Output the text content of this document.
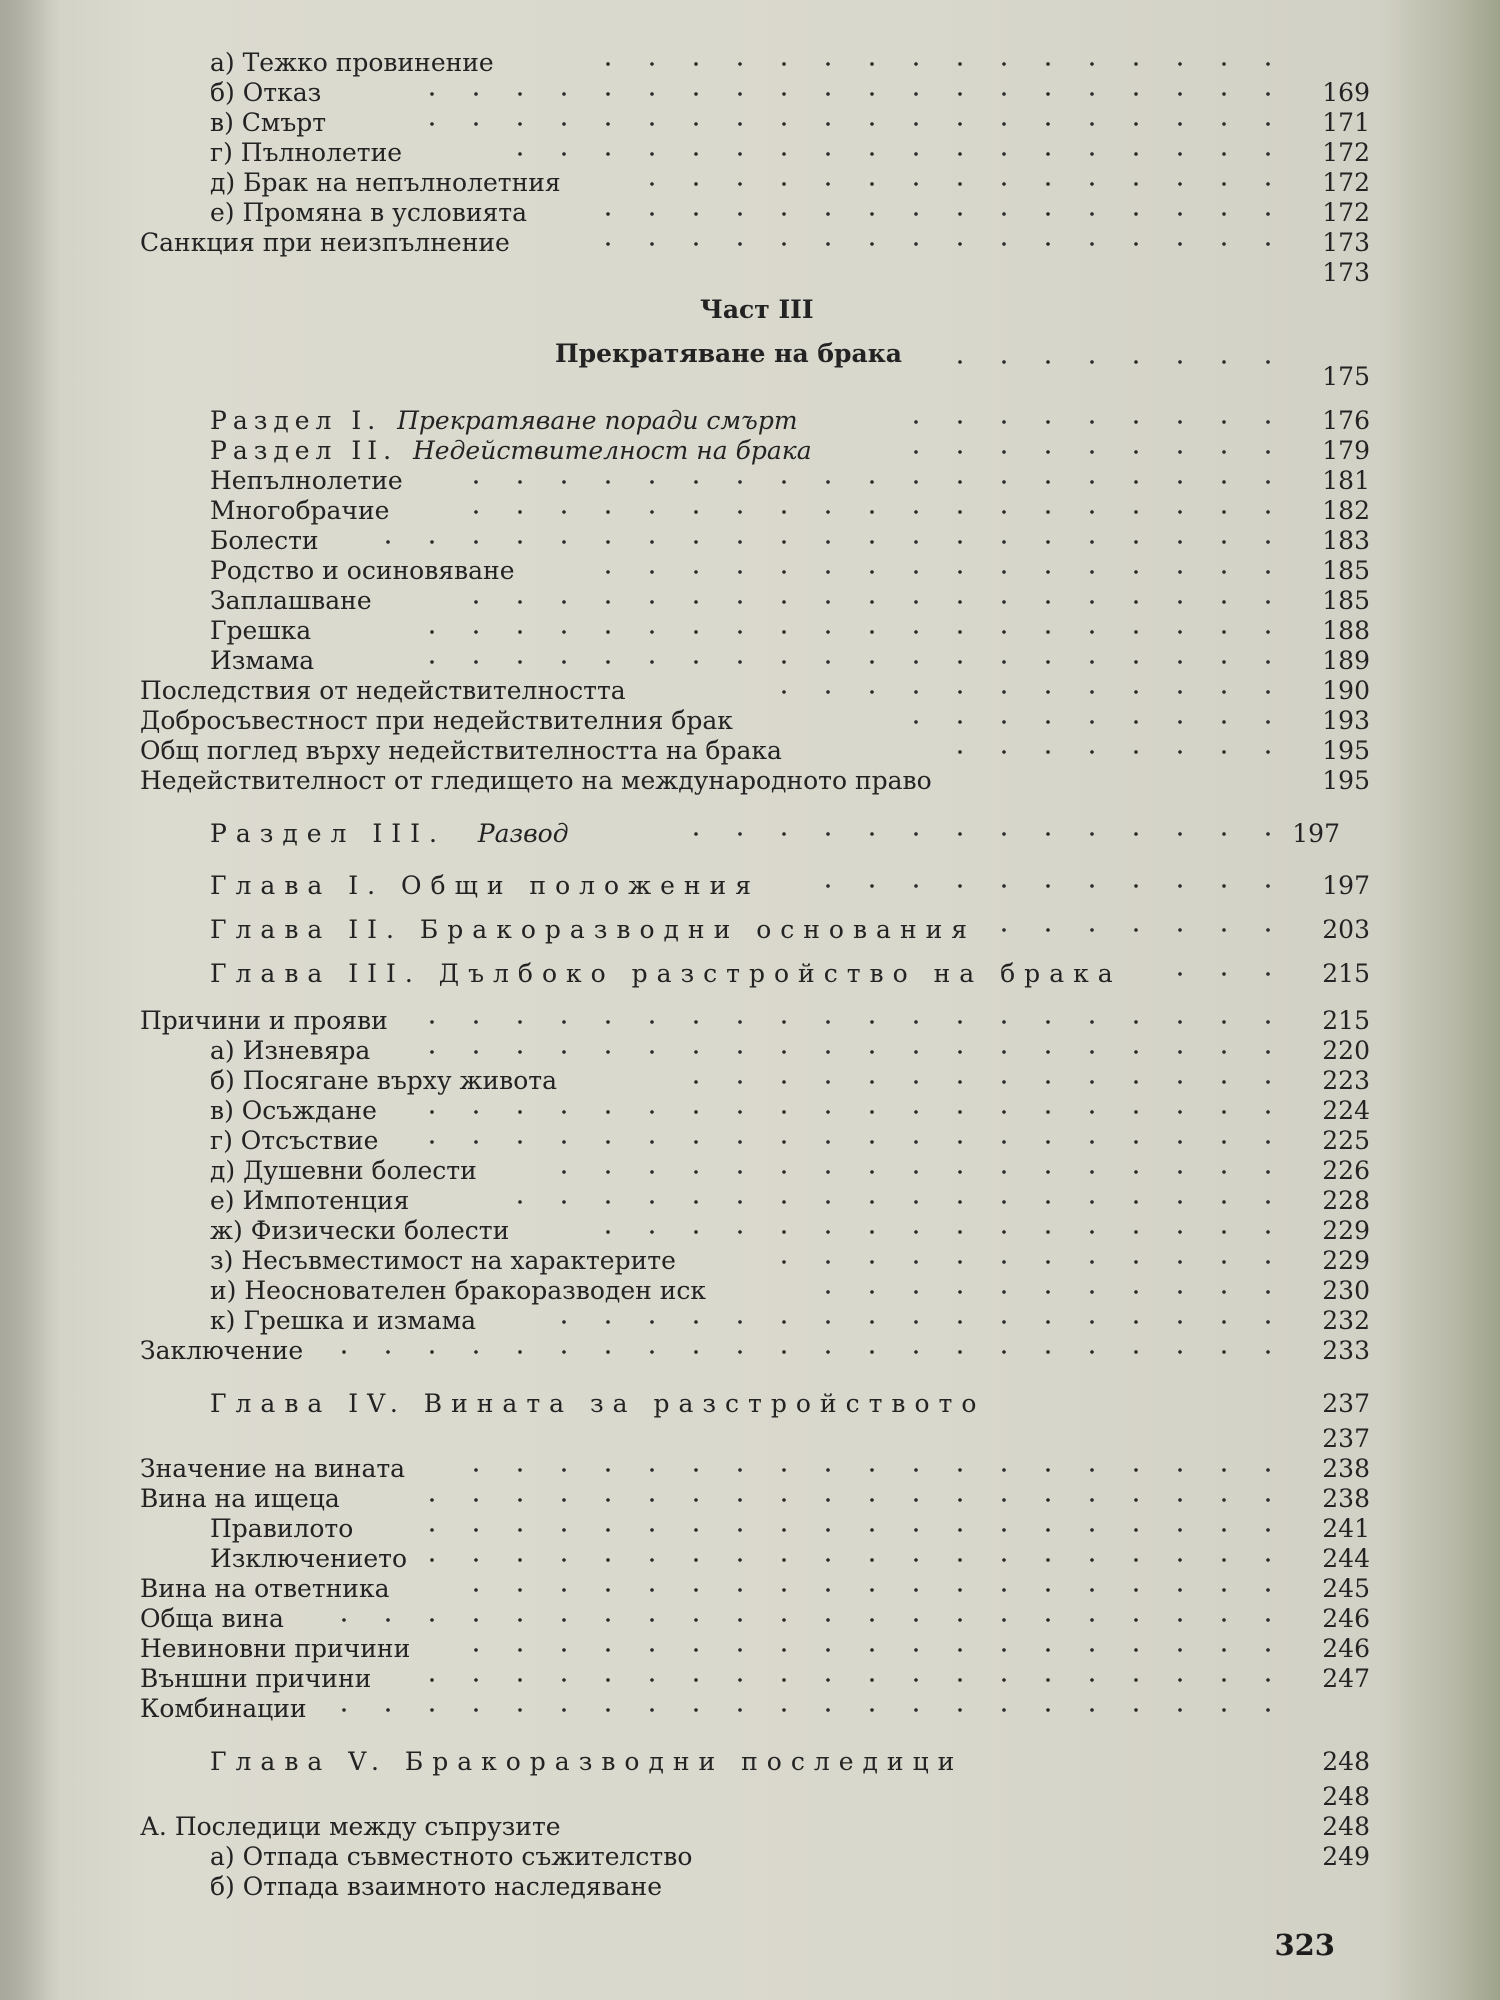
а) Тежко провинение
б) Отказ	169
в) Смърт	171
г) Пълнолетие	172
д) Брак на непълнолетния	172
е) Промяна в условията	172
Санкция при неизпълнение	173
173
Част III
Прекратяване на брака
175
Раздел I. Прекратяване поради смърт	176
Раздел II. Недействителност на брака	179
Непълнолетие	181
Многобрачие	182
Болести	183
Родство и осиновяване	185
Заплашване	185
Грешка	188
Измама	189
Последствия от недействителността	190
Добросъвестност при недействителния брак	193
Общ поглед върху недействителността на брака	195
Недействителност от гледището на международното право	195
Раздел III. Развод	197
Глава I. Общи положения	197
Глава II. Бракоразводни основания	203
Глава III. Дълбоко разстройство на брака	215
Причини и прояви	215
а) Изневяра	220
б) Посягане върху живота	223
в) Осъждане	224
г) Отсъствие	225
д) Душевни болести	226
е) Импотенция	228
ж) Физически болести	229
з) Несъвместимост на характерите	229
и) Неоснователен бракоразводен иск	230
к) Грешка и измама	232
Заключение	233
Глава IV. Вината за разстройството	237
237
Значение на вината	238
Вина на ищеца	238
Правилото	241
Изключението	244
Вина на ответника	245
Обща вина	246
Невиновни причини	246
Външни причини	247
Комбинации
Глава V. Бракоразводни последици	248
248
А. Последици между съпрузите	248
а) Отпада съвместното съжителство	249
б) Отпада взаимното наследяване
323
